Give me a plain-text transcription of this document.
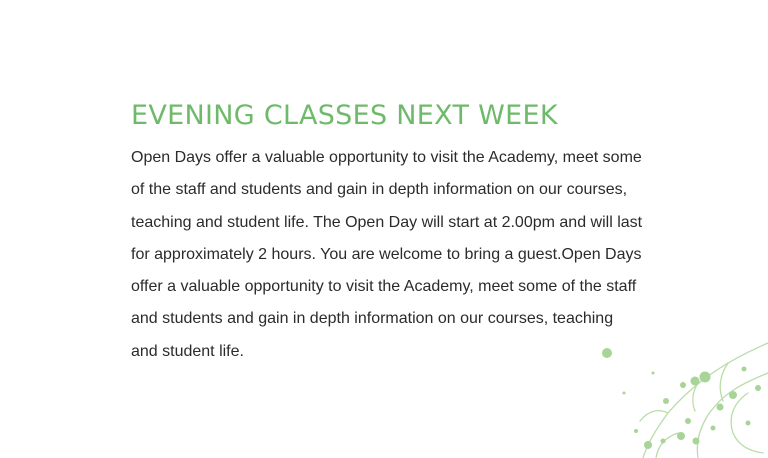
EVENING CLASSES NEXT WEEK

Open Days offer a valuable opportunity to visit the Academy, meet some of the staff and students and gain in depth information on our courses, teaching and student life. The Open Day will start at 2.00pm and will last for approximately 2 hours. You are welcome to bring a guest.Open Days offer a valuable opportunity to visit the Academy, meet some of the staff and students and gain in depth information on our courses, teaching and student life.
